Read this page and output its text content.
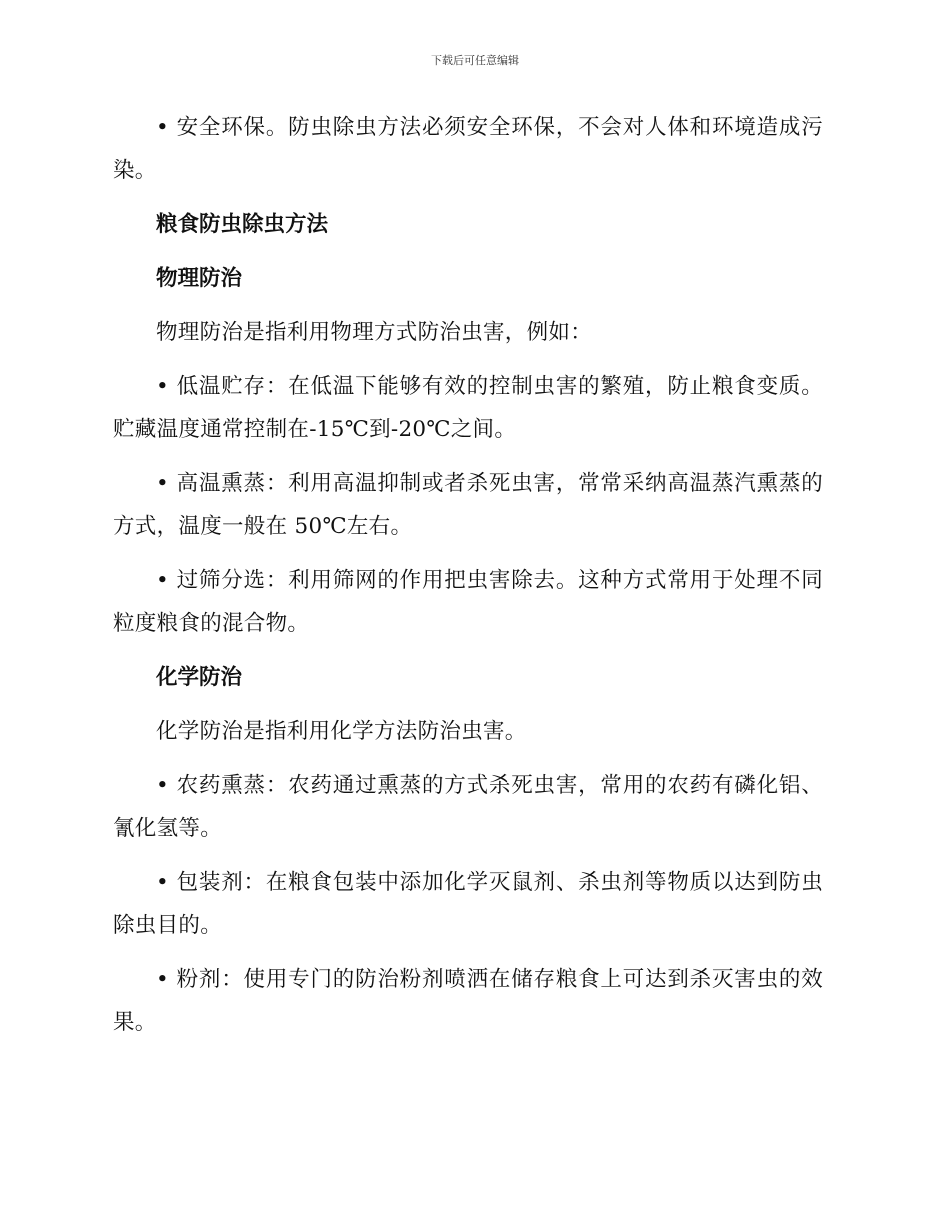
下载后可任意编辑

• 安全环保。防虫除虫方法必须安全环保，不会对人体和环境造成污染。

粮食防虫除虫方法

物理防治

物理防治是指利用物理方式防治虫害，例如：

• 低温贮存：在低温下能够有效的控制虫害的繁殖，防止粮食变质。贮藏温度通常控制在-15℃到-20℃之间。

• 高温熏蒸：利用高温抑制或者杀死虫害，常常采纳高温蒸汽熏蒸的方式，温度一般在 50℃左右。

• 过筛分选：利用筛网的作用把虫害除去。这种方式常用于处理不同粒度粮食的混合物。

化学防治

化学防治是指利用化学方法防治虫害。

• 农药熏蒸：农药通过熏蒸的方式杀死虫害，常用的农药有磷化铝、氰化氢等。

• 包装剂：在粮食包装中添加化学灭鼠剂、杀虫剂等物质以达到防虫除虫目的。

• 粉剂：使用专门的防治粉剂喷洒在储存粮食上可达到杀灭害虫的效果。
